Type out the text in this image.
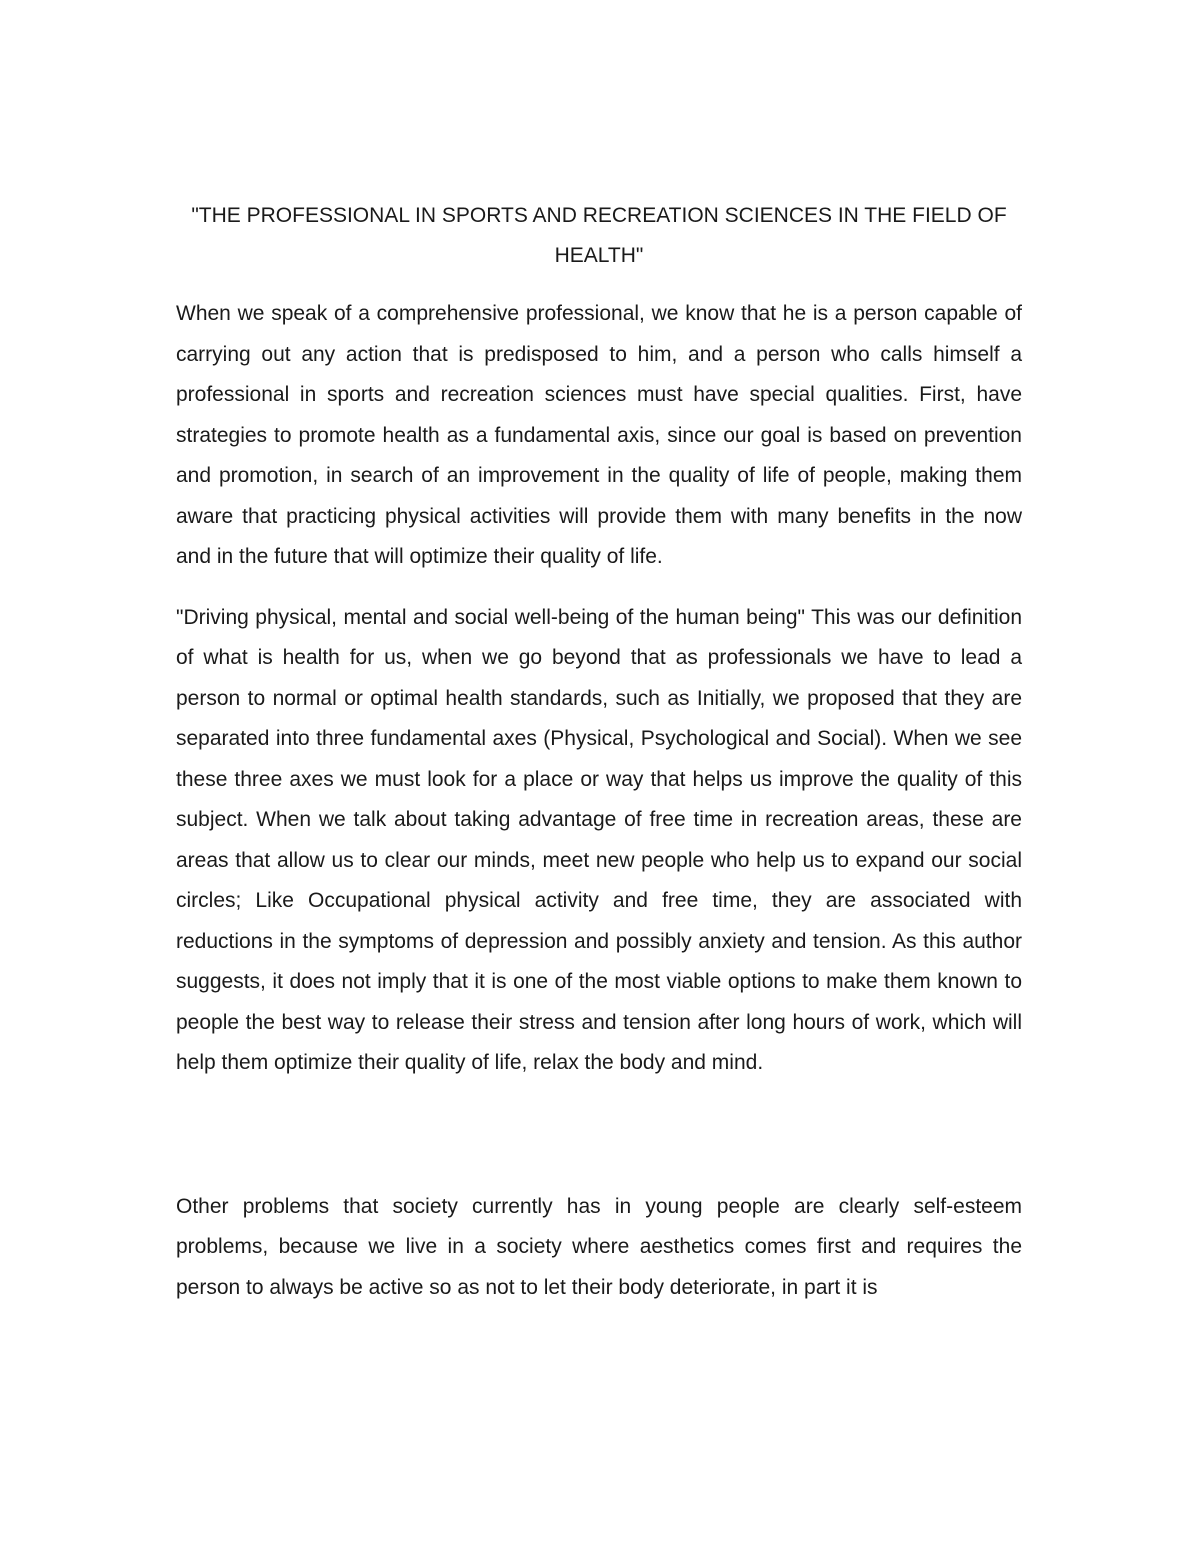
"THE PROFESSIONAL IN SPORTS AND RECREATION SCIENCES IN THE FIELD OF HEALTH"

When we speak of a comprehensive professional, we know that he is a person capable of carrying out any action that is predisposed to him, and a person who calls himself a professional in sports and recreation sciences must have special qualities. First, have strategies to promote health as a fundamental axis, since our goal is based on prevention and promotion, in search of an improvement in the quality of life of people, making them aware that practicing physical activities will provide them with many benefits in the now and in the future that will optimize their quality of life.

"Driving physical, mental and social well-being of the human being" This was our definition of what is health for us, when we go beyond that as professionals we have to lead a person to normal or optimal health standards, such as Initially, we proposed that they are separated into three fundamental axes (Physical, Psychological and Social). When we see these three axes we must look for a place or way that helps us improve the quality of this subject. When we talk about taking advantage of free time in recreation areas, these are areas that allow us to clear our minds, meet new people who help us to expand our social circles; Like Occupational physical activity and free time, they are associated with reductions in the symptoms of depression and possibly anxiety and tension. As this author suggests, it does not imply that it is one of the most viable options to make them known to people the best way to release their stress and tension after long hours of work, which will help them optimize their quality of life, relax the body and mind.

Other problems that society currently has in young people are clearly self-esteem problems, because we live in a society where aesthetics comes first and requires the person to always be active so as not to let their body deteriorate, in part it is
